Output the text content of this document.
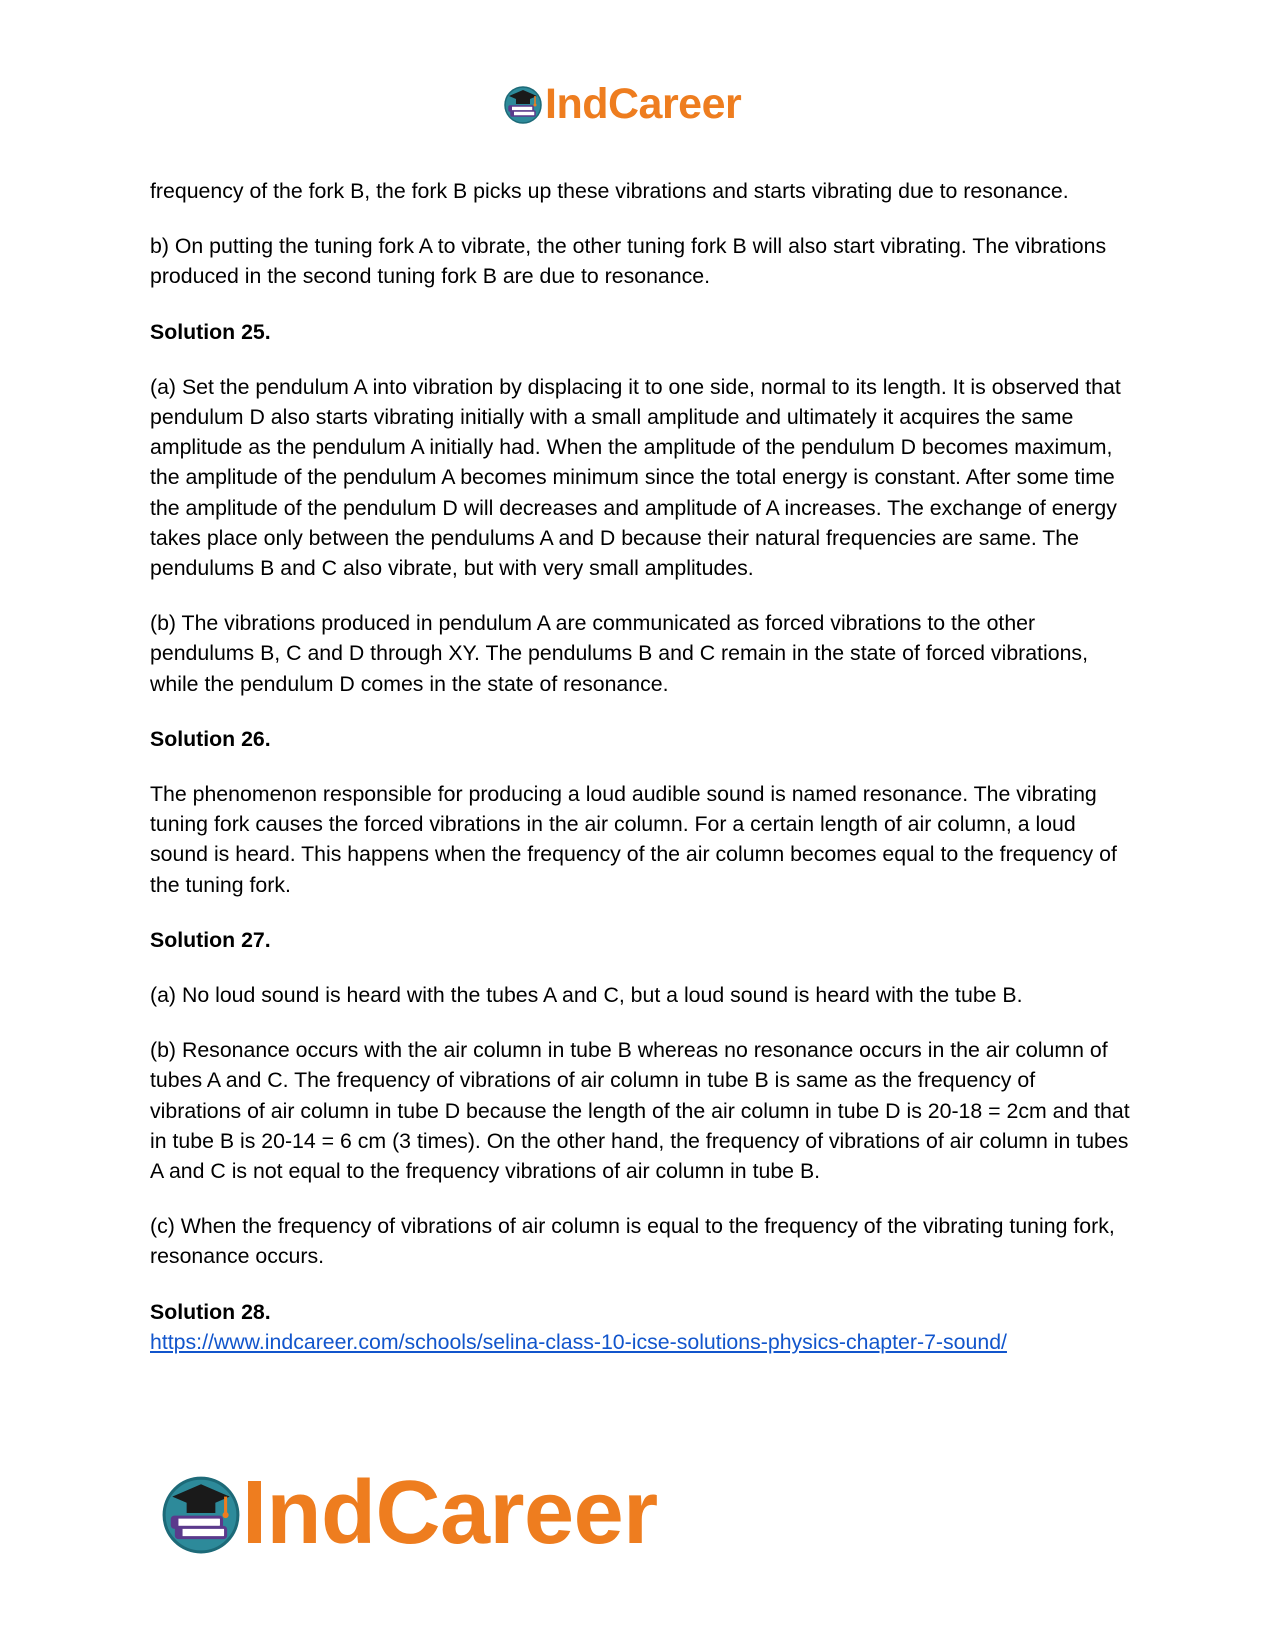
IndCareer

frequency of the fork B, the fork B picks up these vibrations and starts vibrating due to resonance.

b) On putting the tuning fork A to vibrate, the other tuning fork B will also start vibrating. The vibrations produced in the second tuning fork B are due to resonance.

Solution 25.

(a) Set the pendulum A into vibration by displacing it to one side, normal to its length. It is observed that pendulum D also starts vibrating initially with a small amplitude and ultimately it acquires the same amplitude as the pendulum A initially had. When the amplitude of the pendulum D becomes maximum, the amplitude of the pendulum A becomes minimum since the total energy is constant. After some time the amplitude of the pendulum D will decreases and amplitude of A increases. The exchange of energy takes place only between the pendulums A and D because their natural frequencies are same. The pendulums B and C also vibrate, but with very small amplitudes.

(b) The vibrations produced in pendulum A are communicated as forced vibrations to the other pendulums B, C and D through XY. The pendulums B and C remain in the state of forced vibrations, while the pendulum D comes in the state of resonance.

Solution 26.

The phenomenon responsible for producing a loud audible sound is named resonance. The vibrating tuning fork causes the forced vibrations in the air column. For a certain length of air column, a loud sound is heard. This happens when the frequency of the air column becomes equal to the frequency of the tuning fork.

Solution 27.

(a) No loud sound is heard with the tubes A and C, but a loud sound is heard with the tube B.

(b) Resonance occurs with the air column in tube B whereas no resonance occurs in the air column of tubes A and C. The frequency of vibrations of air column in tube B is same as the frequency of vibrations of air column in tube D because the length of the air column in tube D is 20-18 = 2cm and that in tube B is 20-14 = 6 cm (3 times). On the other hand, the frequency of vibrations of air column in tubes A and C is not equal to the frequency vibrations of air column in tube B.

(c) When the frequency of vibrations of air column is equal to the frequency of the vibrating tuning fork, resonance occurs.

Solution 28.

https://www.indcareer.com/schools/selina-class-10-icse-solutions-physics-chapter-7-sound/
IndCareer
